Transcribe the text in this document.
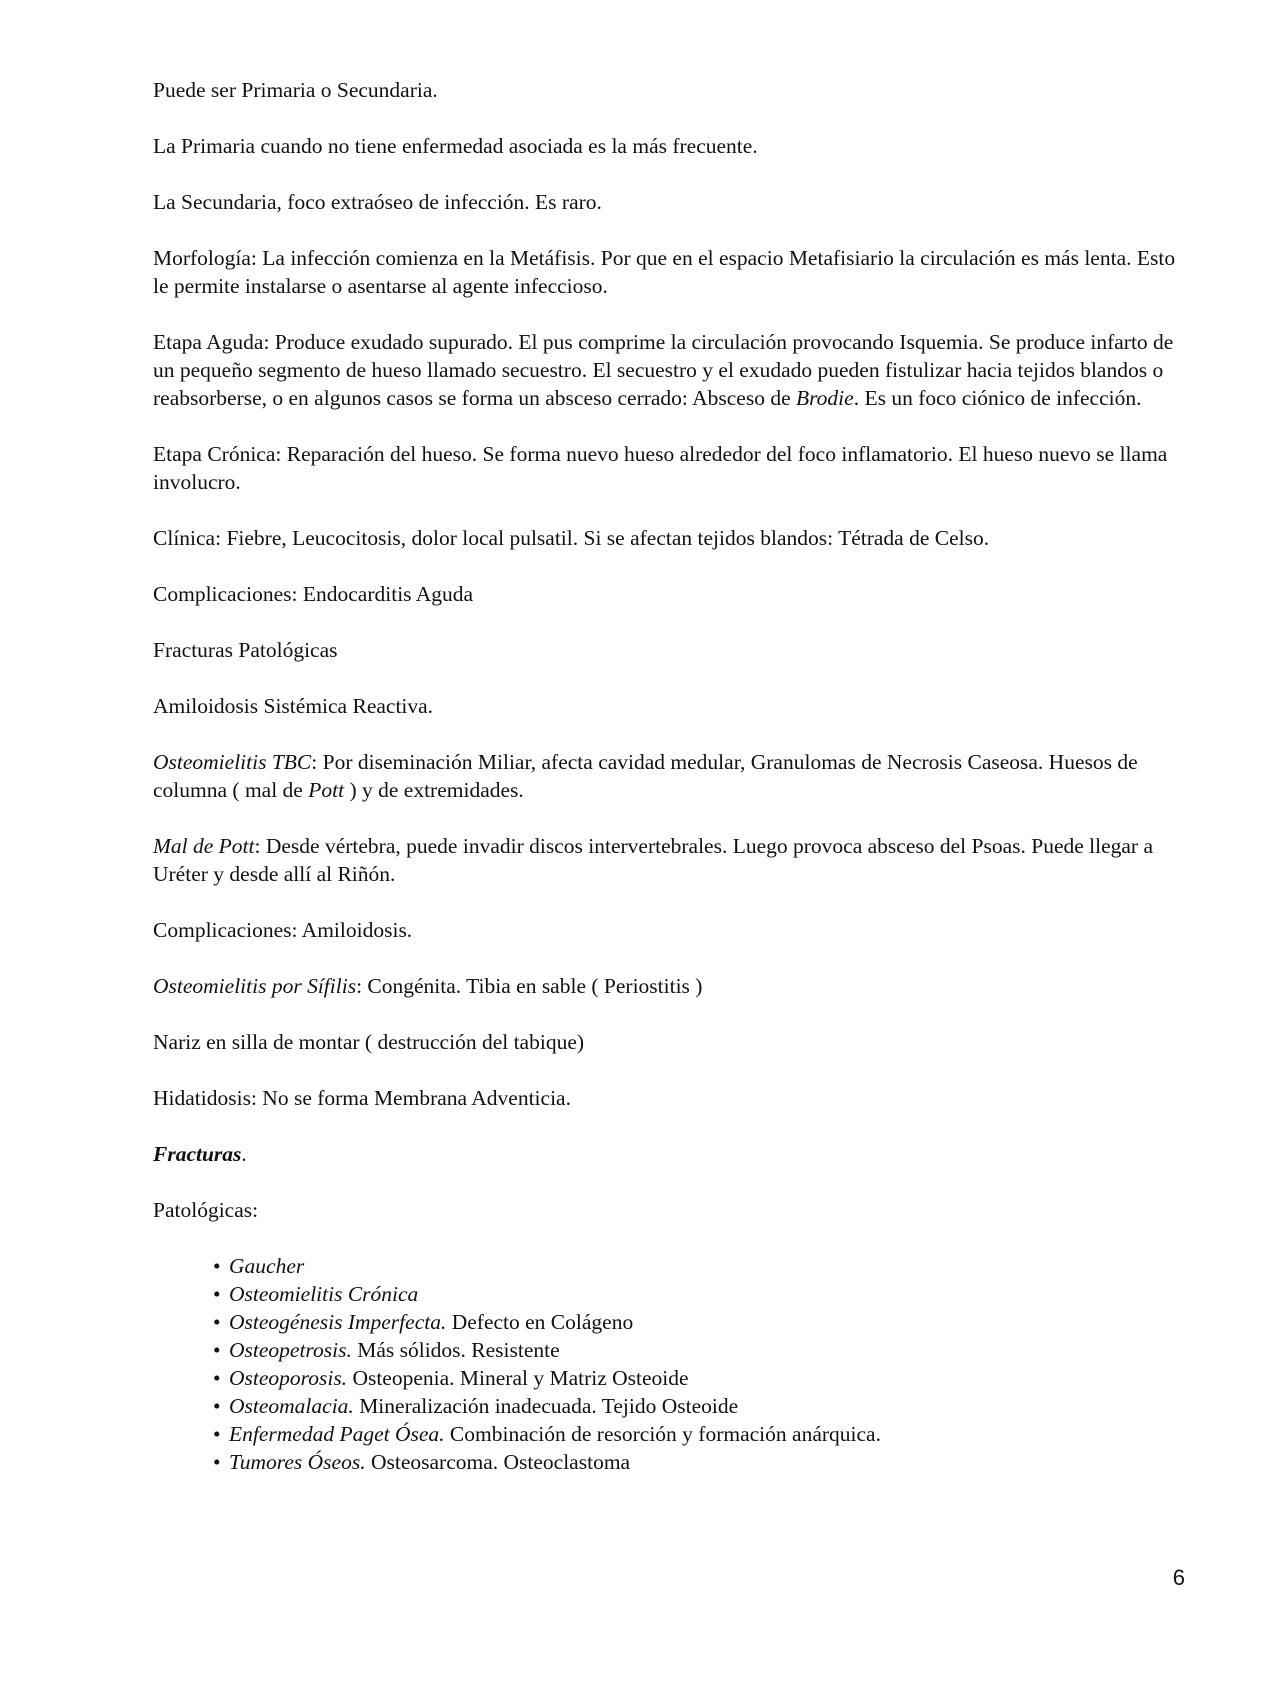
Puede ser Primaria o Secundaria.

La Primaria cuando no tiene enfermedad asociada es la más frecuente.

La Secundaria, foco extraóseo de infección. Es raro.

Morfología: La infección comienza en la Metáfisis. Por que en el espacio Metafisiario la circulación es más lenta. Esto le permite instalarse o asentarse al agente infeccioso.

Etapa Aguda: Produce exudado supurado. El pus comprime la circulación provocando Isquemia. Se produce infarto de un pequeño segmento de hueso llamado secuestro. El secuestro y el exudado pueden fistulizar hacia tejidos blandos o reabsorberse, o en algunos casos se forma un absceso cerrado: Absceso de Brodie. Es un foco ciónico de infección.

Etapa Crónica: Reparación del hueso. Se forma nuevo hueso alrededor del foco inflamatorio. El hueso nuevo se llama involucro.

Clínica: Fiebre, Leucocitosis, dolor local pulsatil. Si se afectan tejidos blandos: Tétrada de Celso.

Complicaciones: Endocarditis Aguda

Fracturas Patológicas

Amiloidosis Sistémica Reactiva.

Osteomielitis TBC: Por diseminación Miliar, afecta cavidad medular, Granulomas de Necrosis Caseosa. Huesos de columna ( mal de Pott ) y de extremidades.

Mal de Pott: Desde vértebra, puede invadir discos intervertebrales. Luego provoca absceso del Psoas. Puede llegar a Uréter y desde allí al Riñón.

Complicaciones: Amiloidosis.

Osteomielitis por Sífilis: Congénita. Tibia en sable ( Periostitis )

Nariz en silla de montar ( destrucción del tabique)

Hidatidosis: No se forma Membrana Adventicia.

Fracturas.

Patológicas:

• Gaucher
• Osteomielitis Crónica
• Osteogénesis Imperfecta. Defecto en Colágeno
• Osteopetrosis. Más sólidos. Resistente
• Osteoporosis. Osteopenia. Mineral y Matriz Osteoide
• Osteomalacia. Mineralización inadecuada. Tejido Osteoide
• Enfermedad Paget Ósea. Combinación de resorción y formación anárquica.
• Tumores Óseos. Osteosarcoma. Osteoclastoma
6
